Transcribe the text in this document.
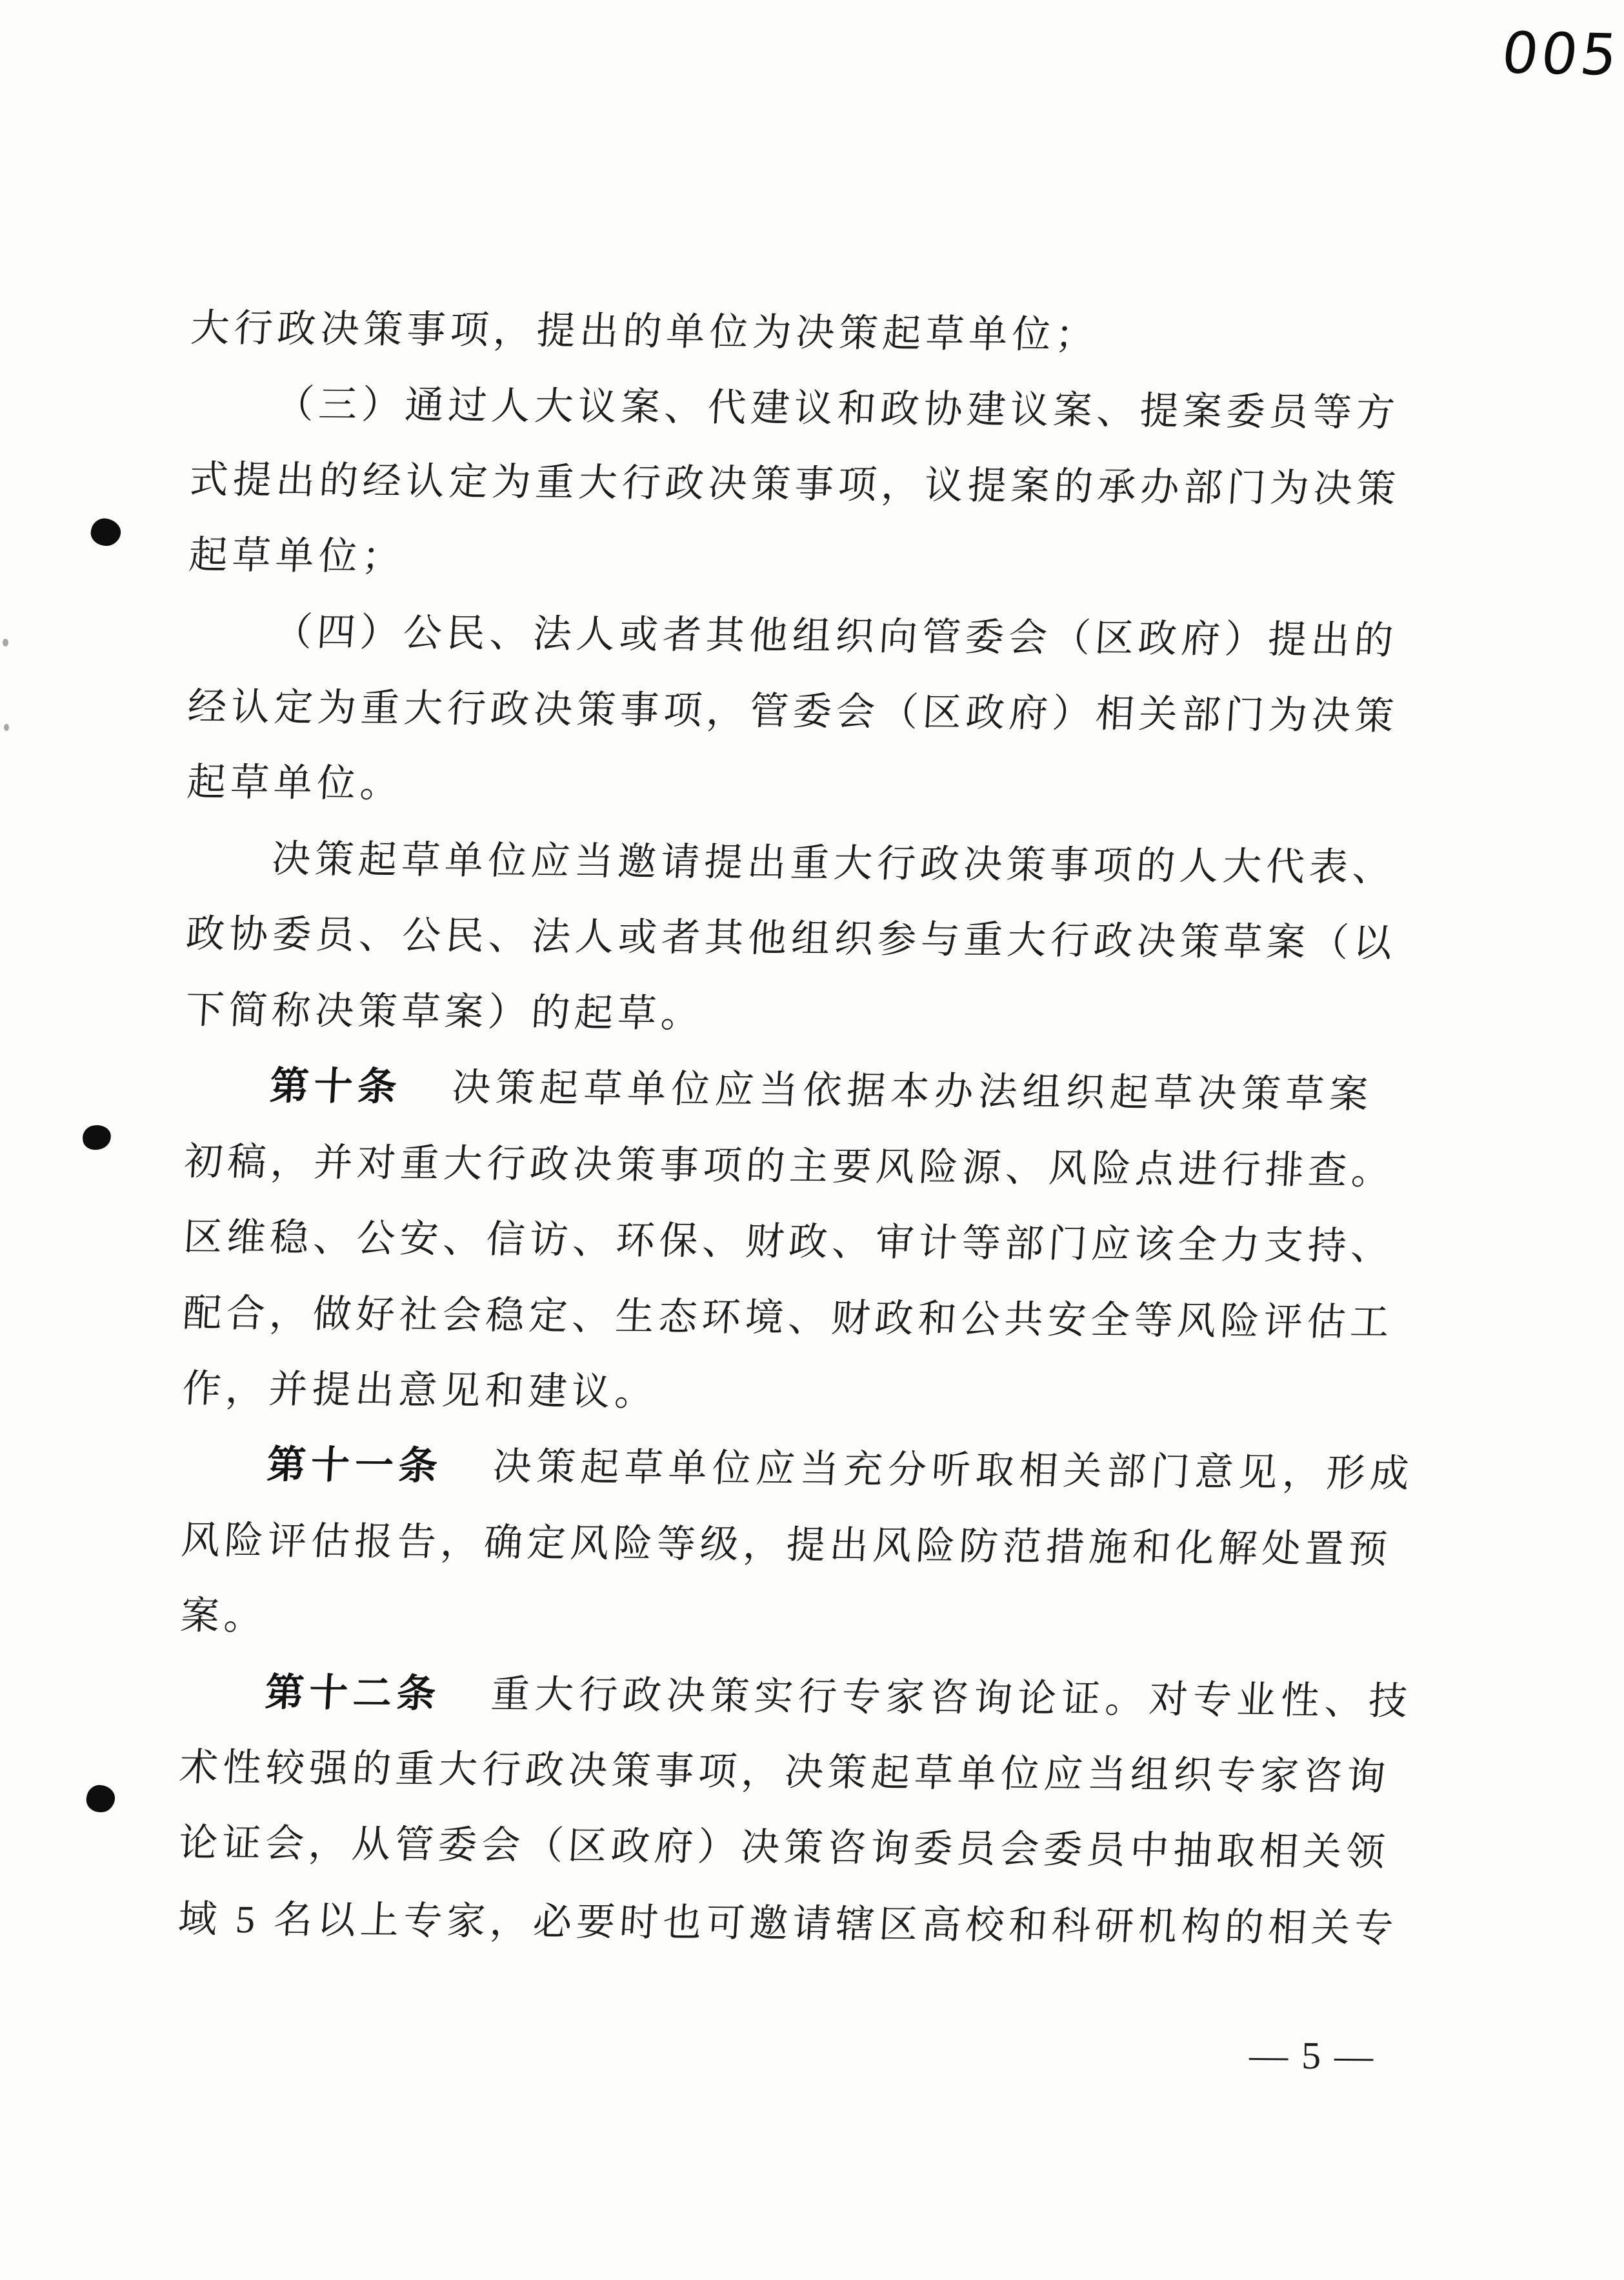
005
大行政决策事项，提出的单位为决策起草单位；
（三）通过人大议案、代建议和政协建议案、提案委员等方
式提出的经认定为重大行政决策事项，议提案的承办部门为决策
起草单位；
（四）公民、法人或者其他组织向管委会（区政府）提出的
经认定为重大行政决策事项，管委会（区政府）相关部门为决策
起草单位。
决策起草单位应当邀请提出重大行政决策事项的人大代表、
政协委员、公民、法人或者其他组织参与重大行政决策草案（以
下简称决策草案）的起草。
第十条 决策起草单位应当依据本办法组织起草决策草案
初稿，并对重大行政决策事项的主要风险源、风险点进行排查。
区维稳、公安、信访、环保、财政、审计等部门应该全力支持、
配合，做好社会稳定、生态环境、财政和公共安全等风险评估工
作，并提出意见和建议。
第十一条 决策起草单位应当充分听取相关部门意见，形成
风险评估报告，确定风险等级，提出风险防范措施和化解处置预
案。
第十二条 重大行政决策实行专家咨询论证。对专业性、技
术性较强的重大行政决策事项，决策起草单位应当组织专家咨询
论证会，从管委会（区政府）决策咨询委员会委员中抽取相关领
域 5 名以上专家，必要时也可邀请辖区高校和科研机构的相关专
— 5 —
